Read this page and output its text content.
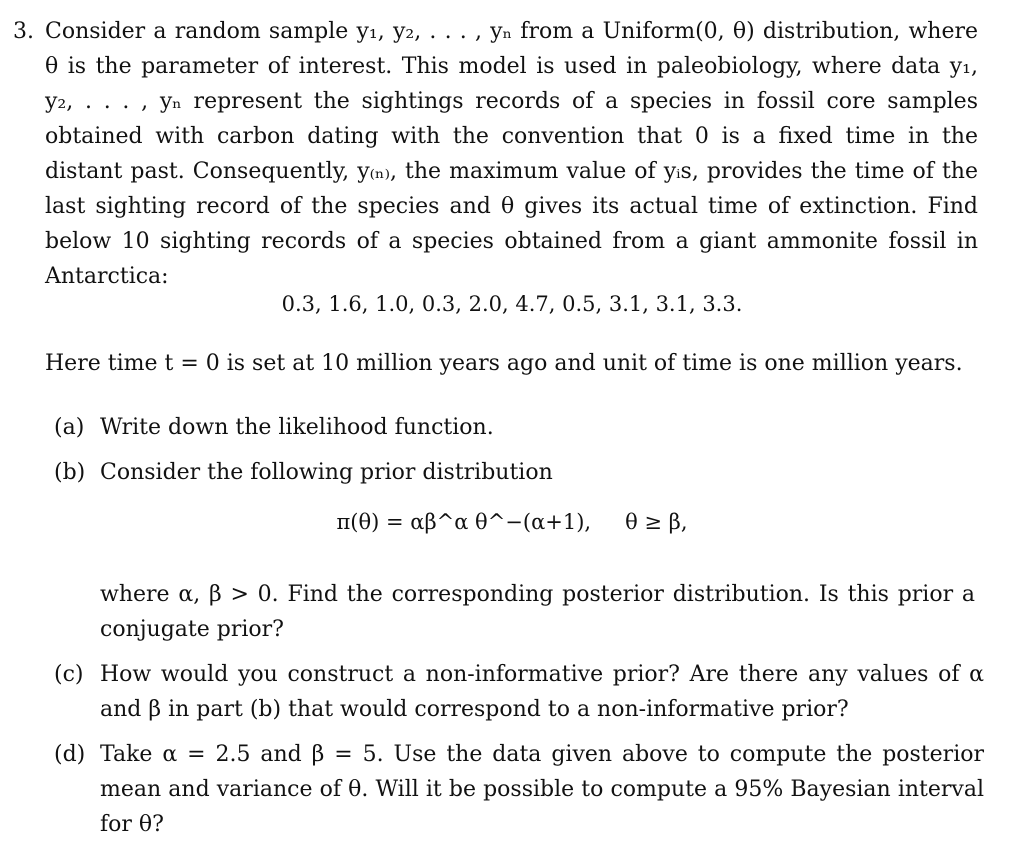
3. Consider a random sample y₁, y₂, . . . , yₙ from a Uniform(0, θ) distribution, where θ is the parameter of interest. This model is used in paleobiology, where data y₁, y₂, . . . , yₙ represent the sightings records of a species in fossil core samples obtained with carbon dating with the convention that 0 is a fixed time in the distant past. Consequently, y₍ₙ₎, the maximum value of yᵢs, provides the time of the last sighting record of the species and θ gives its actual time of extinction. Find below 10 sighting records of a species obtained from a giant ammonite fossil in Antarctica:
0.3, 1.6, 1.0, 0.3, 2.0, 4.7, 0.5, 3.1, 3.1, 3.3.
Here time t = 0 is set at 10 million years ago and unit of time is one million years.
(a) Write down the likelihood function.
(b) Consider the following prior distribution
π(θ) = αβ^α θ^−(α+1), θ ≥ β,
where α, β > 0. Find the corresponding posterior distribution. Is this prior a conjugate prior?
(c) How would you construct a non-informative prior? Are there any values of α and β in part (b) that would correspond to a non-informative prior?
(d) Take α = 2.5 and β = 5. Use the data given above to compute the posterior mean and variance of θ. Will it be possible to compute a 95% Bayesian interval for θ?
